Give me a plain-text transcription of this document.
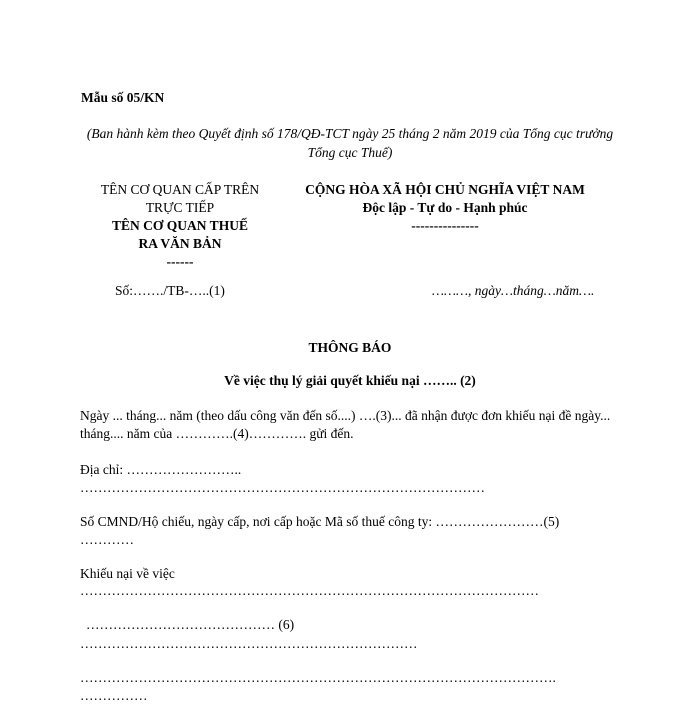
Mẫu số 05/KN
(Ban hành kèm theo Quyết định số 178/QĐ-TCT ngày 25 tháng 2 năm 2019 của Tổng cục trưởng Tổng cục Thuế)
TÊN CƠ QUAN CẤP TRÊN
TRỰC TIẾP
TÊN CƠ QUAN THUẾ
RA VĂN BẢN
------
CỘNG HÒA XÃ HỘI CHỦ NGHĨA VIỆT NAM
Độc lập - Tự do - Hạnh phúc
---------------
Số:……./TB-…..(1)	………, ngày…tháng…năm….
THÔNG BÁO
Về việc thụ lý giải quyết khiếu nại …….. (2)
Ngày ... tháng... năm (theo dấu công văn đến số....) ….(3)... đã nhận được đơn khiếu nại đề ngày... tháng.... năm của ………….(4)…………. gửi đến.
Địa chỉ: ……………………..
………………………………………………………………………………
Số CMND/Hộ chiếu, ngày cấp, nơi cấp hoặc Mã số thuế công ty: ……………………(5)
…………
Khiếu nại về việc
…………………………………………………………………………………………
…………………………………… (6)
…………………………………………………………………
…………………………………………………………………………………………….
……………
